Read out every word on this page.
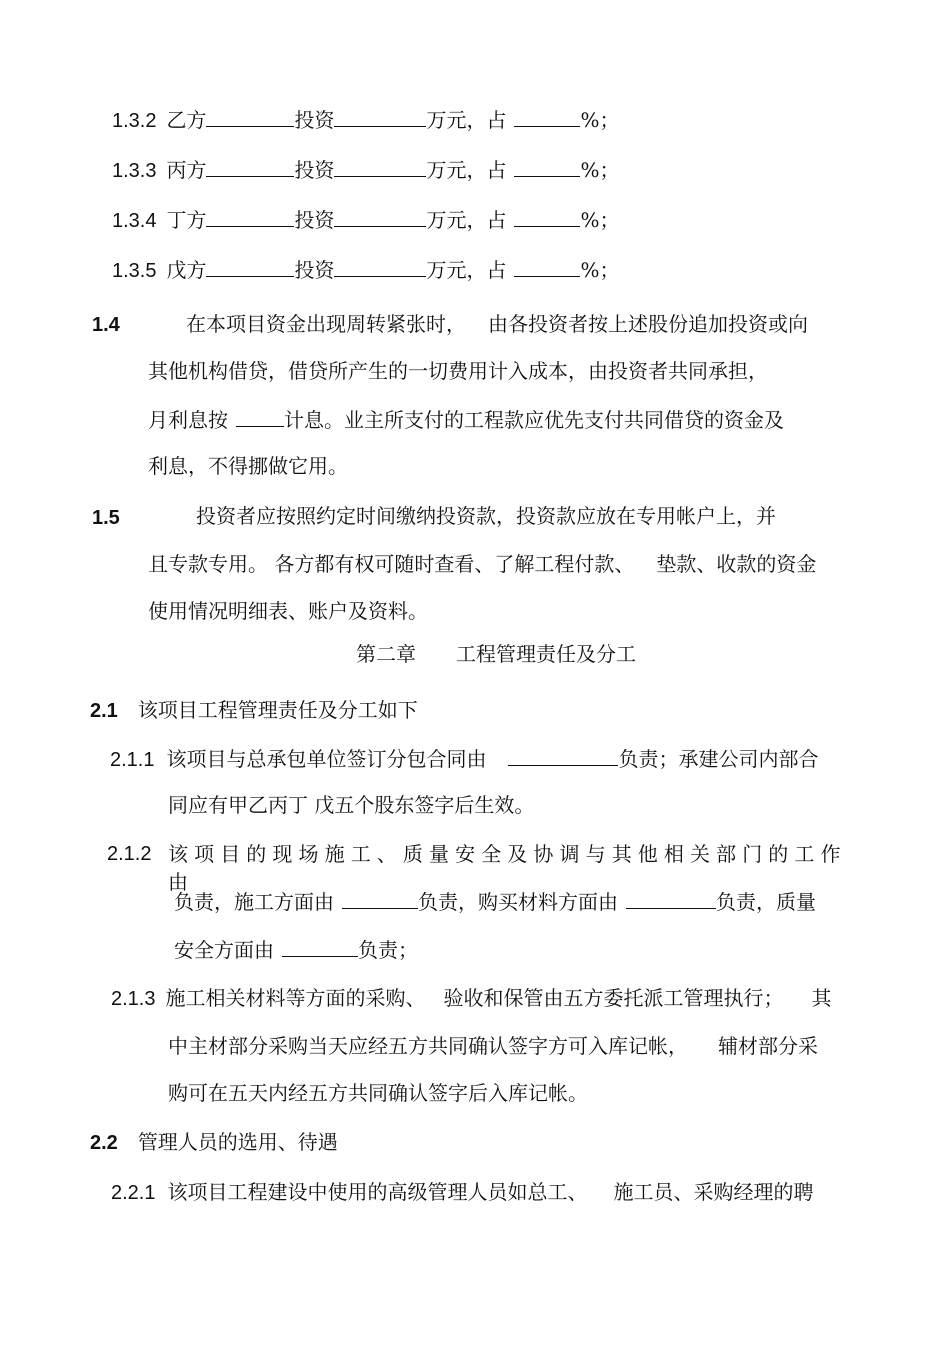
1.3.2 乙方	投资	万元，占	%；
1.3.3 丙方	投资	万元，占	%；
1.3.4 丁方	投资	万元，占	%；
1.3.5 戊方	投资	万元，占	%；
1.4	在本项目资金出现周转紧张时， 由各投资者按上述股份追加投资或向
其他机构借贷，借贷所产生的一切费用计入成本，由投资者共同承担，
月利息按	计息。业主所支付的工程款应优先支付共同借贷的资金及
利息，不得挪做它用。
1.5	投资者应按照约定时间缴纳投资款，投资款应放在专用帐户上，并
且专款专用。 各方都有权可随时查看、了解工程付款、 垫款、收款的资金
使用情况明细表、账户及资料。
第二章 工程管理责任及分工
2.1 该项目工程管理责任及分工如下
2.1.1 该项目与总承包单位签订分包合同由	负责；承建公司内部合
同应有甲乙丙丁 戊五个股东签字后生效。
2.1.2 该项目的现场施工、质量安全及协调与其他相关部门的工作由
负责，施工方面由	负责，购买材料方面由	负责，质量
安全方面由	负责；
2.1.3 施工相关材料等方面的采购、 验收和保管由五方委托派工管理执行； 其
中主材部分采购当天应经五方共同确认签字方可入库记帐， 辅材部分采
购可在五天内经五方共同确认签字后入库记帐。
2.2 管理人员的选用、待遇
2.2.1 该项目工程建设中使用的高级管理人员如总工、 施工员、采购经理的聘
